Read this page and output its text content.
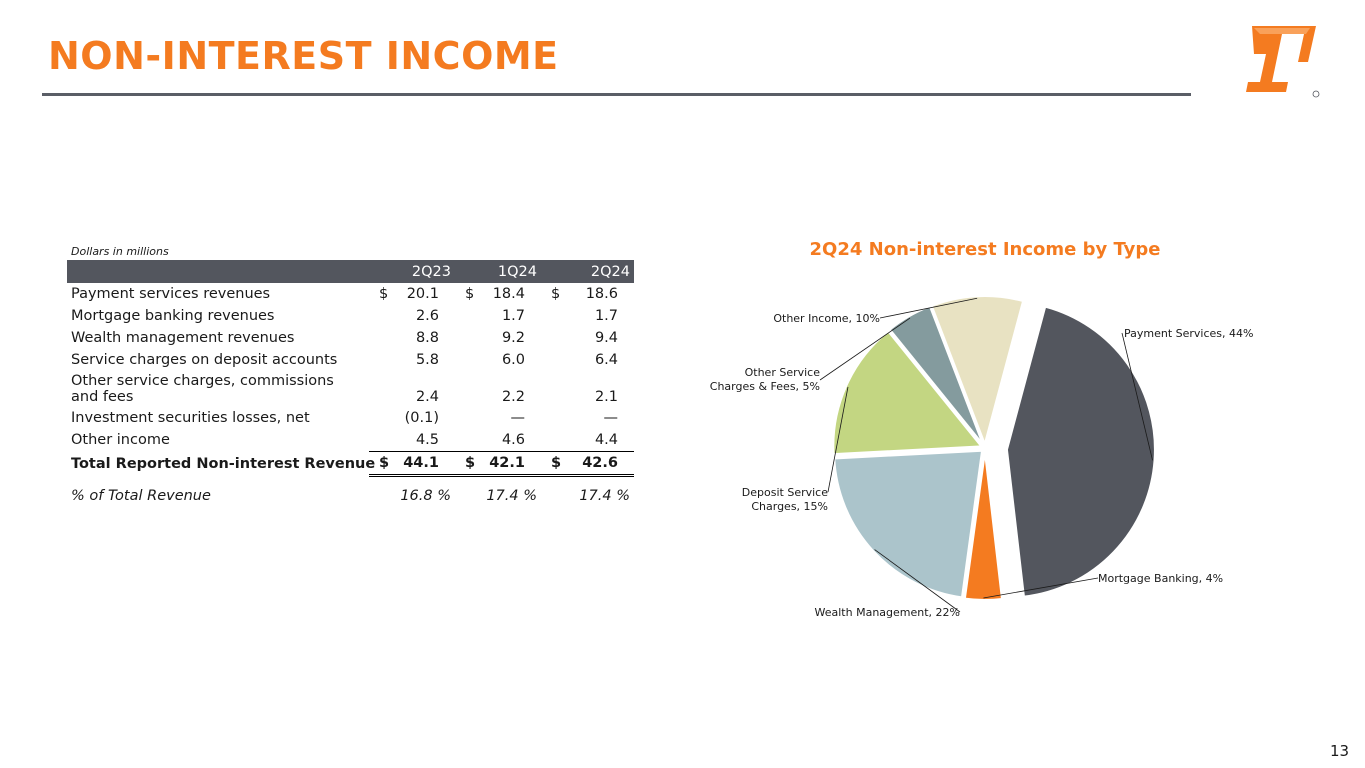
NON-INTEREST INCOME
Dollars in millions
	2Q23		1Q24		2Q24	
Payment services revenues	$	20.1	$	18.4	$	18.6
Mortgage banking revenues		2.6		1.7		1.7
Wealth management revenues		8.8		9.2		9.4
Service charges on deposit accounts		5.8		6.0		6.4
Other service charges, commissions and fees		2.4		2.2		2.1
Investment securities losses, net		(0.1)		—		—
Other income		4.5		4.6		4.4
Total Reported Non-interest Revenue	$	44.1	$	42.1	$	42.6

% of Total Revenue	16.8 %		17.4 %		17.4 %	
2Q24 Non-interest Income by Type
Payment Services, 44%
Mortgage Banking, 4%
Wealth Management, 22%
Deposit Service Charges, 15%
Other Service Charges & Fees, 5%
Other Income, 10%
13
